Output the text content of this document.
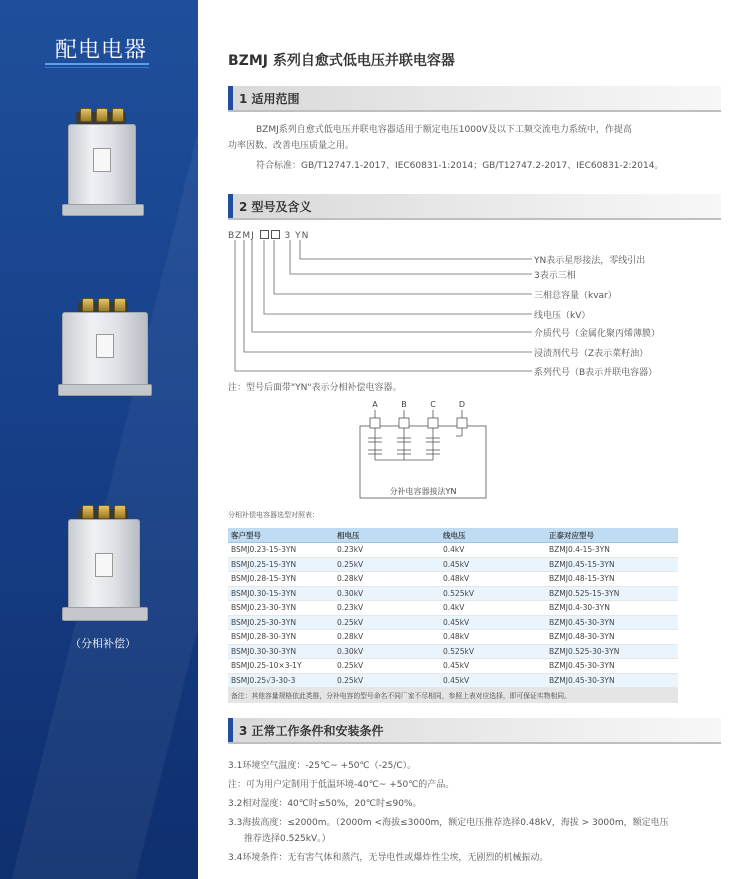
配电电器
（分相补偿）
BZMJ 系列自愈式低电压并联电容器
1 适用范围
BZMJ系列自愈式低电压并联电容器适用于额定电压1000V及以下工频交流电力系统中，作提高
功率因数、改善电压质量之用。
符合标准：GB/T12747.1-2017、IEC60831-1:2014；GB/T12747.2-2017、IEC60831-2:2014。
2 型号及含义
BZMJ	3 YN
YN表示星形接法，零线引出
3表示三相
三相总容量（kvar）
线电压（kV）
介质代号（金属化聚丙烯薄膜）
浸渍剂代号（Z表示菜籽油）
系列代号（B表示并联电容器）
注：型号后面带"YN"表示分相补偿电容器。
A	B	C	D
分补电容器接法YN
分相补偿电容器选型对照表：
客户型号	相电压	线电压	正泰对应型号
BSMJ0.23-15-3YN	0.23kV	0.4kV	BZMJ0.4-15-3YN
BSMJ0.25-15-3YN	0.25kV	0.45kV	BZMJ0.45-15-3YN
BSMJ0.28-15-3YN	0.28kV	0.48kV	BZMJ0.48-15-3YN
BSMJ0.30-15-3YN	0.30kV	0.525kV	BZMJ0.525-15-3YN
BSMJ0.23-30-3YN	0.23kV	0.4kV	BZMJ0.4-30-3YN
BSMJ0.25-30-3YN	0.25kV	0.45kV	BZMJ0.45-30-3YN
BSMJ0.28-30-3YN	0.28kV	0.48kV	BZMJ0.48-30-3YN
BSMJ0.30-30-3YN	0.30kV	0.525kV	BZMJ0.525-30-3YN
BSMJ0.25-10×3-1Y	0.25kV	0.45kV	BZMJ0.45-30-3YN
BSMJ0.25√3-30-3	0.25kV	0.45kV	BZMJ0.45-30-3YN
备注：其他容量规格依此类推，分补电容的型号命名不同厂家不尽相同，参照上表对应选择，即可保证实物相同。			
3 正常工作条件和安装条件
3.1环境空气温度：-25℃~ +50℃（-25/C）。
注：可为用户定制用于低温环境-40℃~ +50℃的产品。
3.2相对湿度：40℃时≤50%，20℃时≤90%。
3.3海拔高度：≤2000m。（2000m <海拔≤3000m，额定电压推荐选择0.48kV，海拔 > 3000m，额定电压
推荐选择0.525kV。）
3.4环境条件：无有害气体和蒸汽，无导电性或爆炸性尘埃，无剧烈的机械振动。
